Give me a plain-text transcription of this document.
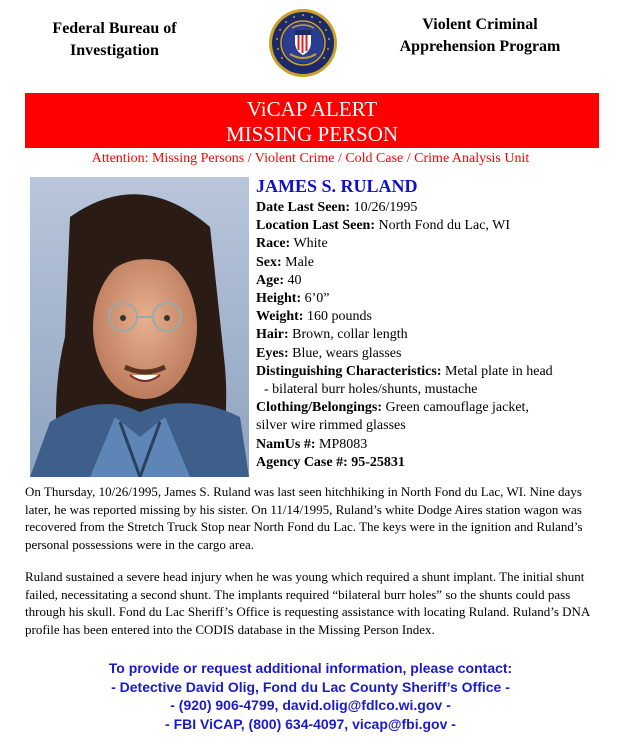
Federal Bureau of
Investigation
Violent Criminal
Apprehension Program
ViCAP ALERT
MISSING PERSON
Attention: Missing Persons / Violent Crime / Cold Case / Crime Analysis Unit
JAMES S. RULAND
Date Last Seen: 10/26/1995
Location Last Seen: North Fond du Lac, WI
Race: White
Sex: Male
Age: 40
Height: 6’0”
Weight: 160 pounds
Hair: Brown, collar length
Eyes: Blue, wears glasses
Distinguishing Characteristics: Metal plate in head
- bilateral burr holes/shunts, mustache
Clothing/Belongings: Green camouflage jacket,
silver wire rimmed glasses
NamUs #: MP8083
Agency Case #: 95-25831
On Thursday, 10/26/1995, James S. Ruland was last seen hitchhiking in North Fond du Lac, WI. Nine days later, he was reported missing by his sister. On 11/14/1995, Ruland’s white Dodge Aires station wagon was recovered from the Stretch Truck Stop near North Fond du Lac. The keys were in the ignition and Ruland’s personal possessions were in the cargo area.
Ruland sustained a severe head injury when he was young which required a shunt implant. The initial shunt failed, necessitating a second shunt. The implants required “bilateral burr holes” so the shunts could pass through his skull. Fond du Lac Sheriff’s Office is requesting assistance with locating Ruland. Ruland’s DNA profile has been entered into the CODIS database in the Missing Person Index.
To provide or request additional information, please contact:
- Detective David Olig, Fond du Lac County Sheriff’s Office -
- (920) 906-4799, david.olig@fdlco.wi.gov -
- FBI ViCAP, (800) 634-4097, vicap@fbi.gov -
